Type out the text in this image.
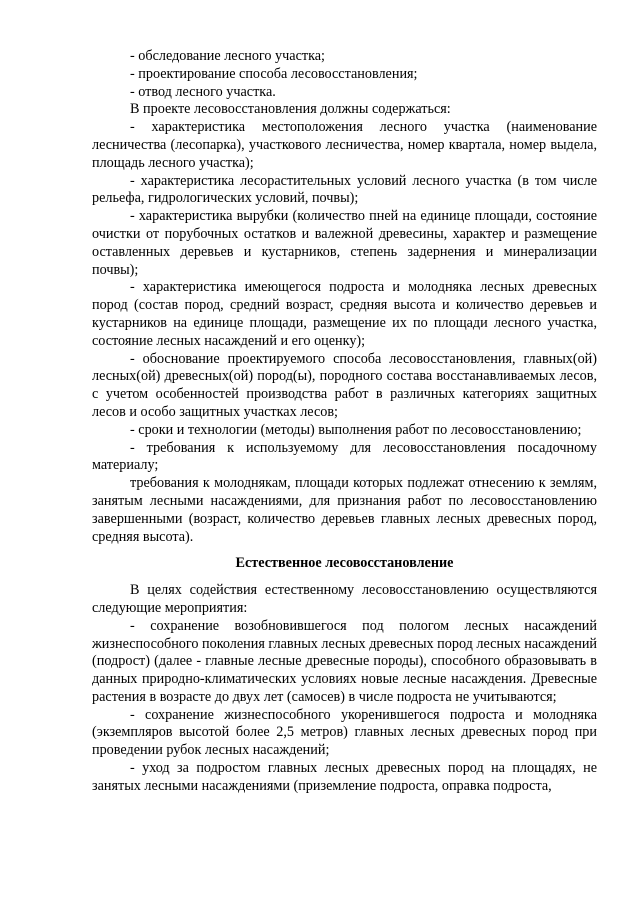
- обследование лесного участка;

- проектирование способа лесовосстановления;

- отвод лесного участка.

В проекте лесовосстановления должны содержаться:

- характеристика местоположения лесного участка (наименование лесничества (лесопарка), участкового лесничества, номер квартала, номер выдела, площадь лесного участка);

- характеристика лесорастительных условий лесного участка (в том числе рельефа, гидрологических условий, почвы);

- характеристика вырубки (количество пней на единице площади, состояние очистки от порубочных остатков и валежной древесины, характер и размещение оставленных деревьев и кустарников, степень задернения и минерализации почвы);

- характеристика имеющегося подроста и молодняка лесных древесных пород (состав пород, средний возраст, средняя высота и количество деревьев и кустарников на единице площади, размещение их по площади лесного участка, состояние лесных насаждений и его оценку);

- обоснование проектируемого способа лесовосстановления, главных(ой) лесных(ой) древесных(ой) пород(ы), породного состава восстанавливаемых лесов, с учетом особенностей производства работ в различных категориях защитных лесов и особо защитных участках лесов;

- сроки и технологии (методы) выполнения работ по лесовосстановлению;

- требования к используемому для лесовосстановления посадочному материалу;

требования к молоднякам, площади которых подлежат отнесению к землям, занятым лесными насаждениями, для признания работ по лесовосстановлению завершенными (возраст, количество деревьев главных лесных древесных пород, средняя высота).

Естественное лесовосстановление

В целях содействия естественному лесовосстановлению осуществляются следующие мероприятия:

- сохранение возобновившегося под пологом лесных насаждений жизнеспособного поколения главных лесных древесных пород лесных насаждений (подрост) (далее - главные лесные древесные породы), способного образовывать в данных природно-климатических условиях новые лесные насаждения. Древесные растения в возрасте до двух лет (самосев) в числе подроста не учитываются;

- сохранение жизнеспособного укоренившегося подроста и молодняка (экземпляров высотой более 2,5 метров) главных лесных древесных пород при проведении рубок лесных насаждений;

- уход за подростом главных лесных древесных пород на площадях, не занятых лесными насаждениями (приземление подроста, оправка подроста,
